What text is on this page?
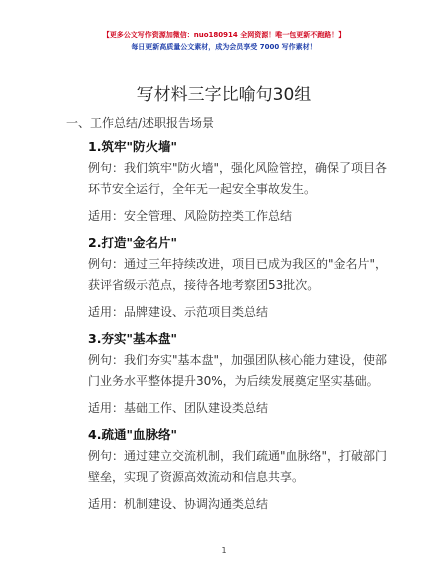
【更多公文写作资源加微信：nuo180914 全网资源！唯一包更新不跑路！】
每日更新高质量公文素材，成为会员享受 7000 写作素材！
写材料三字比喻句30组
一、工作总结/述职报告场景
1.筑牢"防火墙"
例句：我们筑牢"防火墙"，强化风险管控，确保了项目各环节安全运行，全年无一起安全事故发生。
适用：安全管理、风险防控类工作总结
2.打造"金名片"
例句：通过三年持续改进，项目已成为我区的"金名片"，获评省级示范点，接待各地考察团53批次。
适用：品牌建设、示范项目类总结
3.夯实"基本盘"
例句：我们夯实"基本盘"，加强团队核心能力建设，使部门业务水平整体提升30%，为后续发展奠定坚实基础。
适用：基础工作、团队建设类总结
4.疏通"血脉络"
例句：通过建立交流机制，我们疏通"血脉络"，打破部门壁垒，实现了资源高效流动和信息共享。
适用：机制建设、协调沟通类总结
1
